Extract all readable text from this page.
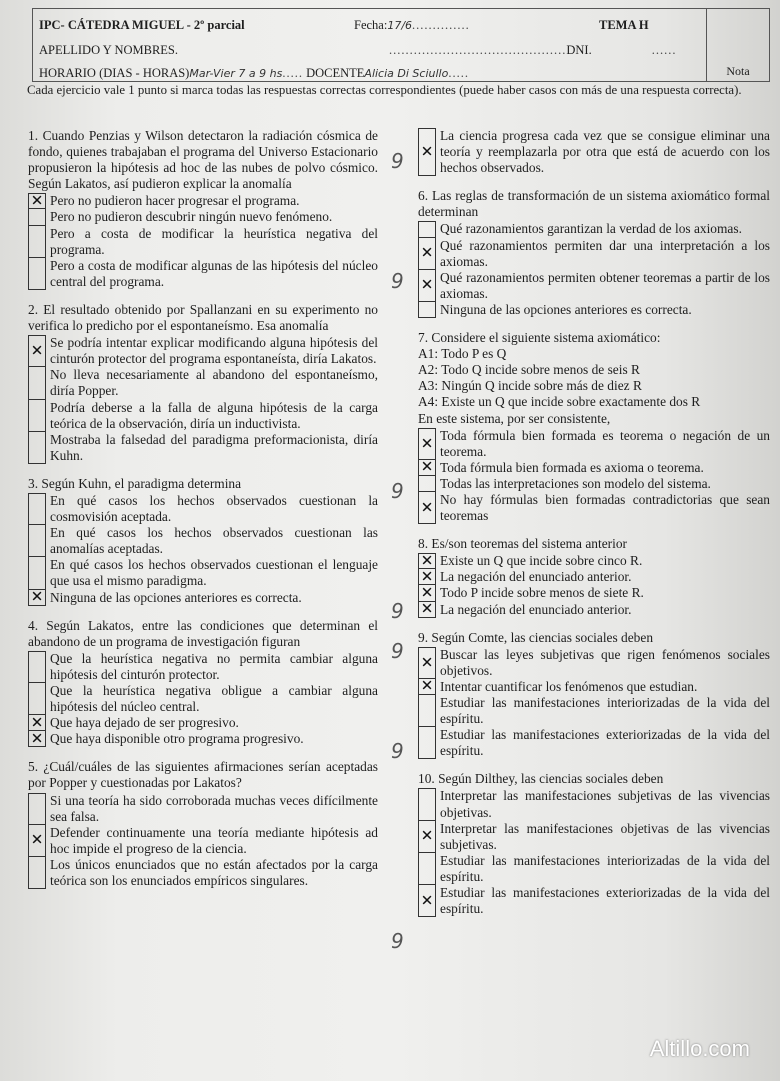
IPC- CÁTEDRA MIGUEL - 2º parcial	Fecha:17/6..............	TEMA H
APELLIDO Y NOMBRES.	...........................................DNI.	......
HORARIO (DIAS - HORAS)Mar-Vier 7 a 9 hs..... DOCENTEAlicia Di Sciullo.....	Nota
Cada ejercicio vale 1 punto si marca todas las respuestas correctas correspondientes (puede haber casos con más de una respuesta correcta).
1. Cuando Penzias y Wilson detectaron la radiación cósmica de fondo, quienes trabajaban el programa del Universo Estacionario propusieron la hipótesis ad hoc de las nubes de polvo cósmico. Según Lakatos, así pudieron explicar la anomalía
✕
Pero no pudieron hacer progresar el programa.
Pero no pudieron descubrir ningún nuevo fenómeno.
Pero a costa de modificar la heurística negativa del programa.
Pero a costa de modificar algunas de las hipótesis del núcleo central del programa.
2. El resultado obtenido por Spallanzani en su experimento no verifica lo predicho por el espontaneísmo. Esa anomalía
✕
Se podría intentar explicar modificando alguna hipótesis del cinturón protector del programa espontaneísta, diría Lakatos.
No lleva necesariamente al abandono del espontaneísmo, diría Popper.
Podría deberse a la falla de alguna hipótesis de la carga teórica de la observación, diría un inductivista.
Mostraba la falsedad del paradigma preformacionista, diría Kuhn.
3. Según Kuhn, el paradigma determina
En qué casos los hechos observados cuestionan la cosmovisión aceptada.
En qué casos los hechos observados cuestionan las anomalías aceptadas.
En qué casos los hechos observados cuestionan el lenguaje que usa el mismo paradigma.
✕
Ninguna de las opciones anteriores es correcta.
4. Según Lakatos, entre las condiciones que determinan el abandono de un programa de investigación figuran
Que la heurística negativa no permita cambiar alguna hipótesis del cinturón protector.
Que la heurística negativa obligue a cambiar alguna hipótesis del núcleo central.
✕
Que haya dejado de ser progresivo.
✕
Que haya disponible otro programa progresivo.
5. ¿Cuál/cuáles de las siguientes afirmaciones serían aceptadas por Popper y cuestionadas por Lakatos?
Si una teoría ha sido corroborada muchas veces difícilmente sea falsa.
✕
Defender continuamente una teoría mediante hipótesis ad hoc impide el progreso de la ciencia.
Los únicos enunciados que no están afectados por la carga teórica son los enunciados empíricos singulares.
✕
La ciencia progresa cada vez que se consigue eliminar una teoría y reemplazarla por otra que está de acuerdo con los hechos observados.
6. Las reglas de transformación de un sistema axiomático formal determinan
Qué razonamientos garantizan la verdad de los axiomas.
✕
Qué razonamientos permiten dar una interpretación a los axiomas.
✕
Qué razonamientos permiten obtener teoremas a partir de los axiomas.
Ninguna de las opciones anteriores es correcta.
7. Considere el siguiente sistema axiomático:
A1: Todo P es Q
A2: Todo Q incide sobre menos de seis R
A3: Ningún Q incide sobre más de diez R
A4: Existe un Q que incide sobre exactamente dos R
En este sistema, por ser consistente,
✕
Toda fórmula bien formada es teorema o negación de un teorema.
✕
Toda fórmula bien formada es axioma o teorema.
Todas las interpretaciones son modelo del sistema.
✕
No hay fórmulas bien formadas contradictorias que sean teoremas
8. Es/son teoremas del sistema anterior
✕
Existe un Q que incide sobre cinco R.
✕
La negación del enunciado anterior.
✕
Todo P incide sobre menos de siete R.
✕
La negación del enunciado anterior.
9. Según Comte, las ciencias sociales deben
✕
Buscar las leyes subjetivas que rigen fenómenos sociales objetivos.
✕
Intentar cuantificar los fenómenos que estudian.
Estudiar las manifestaciones interiorizadas de la vida del espíritu.
Estudiar las manifestaciones exteriorizadas de la vida del espíritu.
10. Según Dilthey, las ciencias sociales deben
Interpretar las manifestaciones subjetivas de las vivencias objetivas.
✕
Interpretar las manifestaciones objetivas de las vivencias subjetivas.
Estudiar las manifestaciones interiorizadas de la vida del espíritu.
✕
Estudiar las manifestaciones exteriorizadas de la vida del espíritu.
9
9
9
9
9
9
9
Altillo.com
